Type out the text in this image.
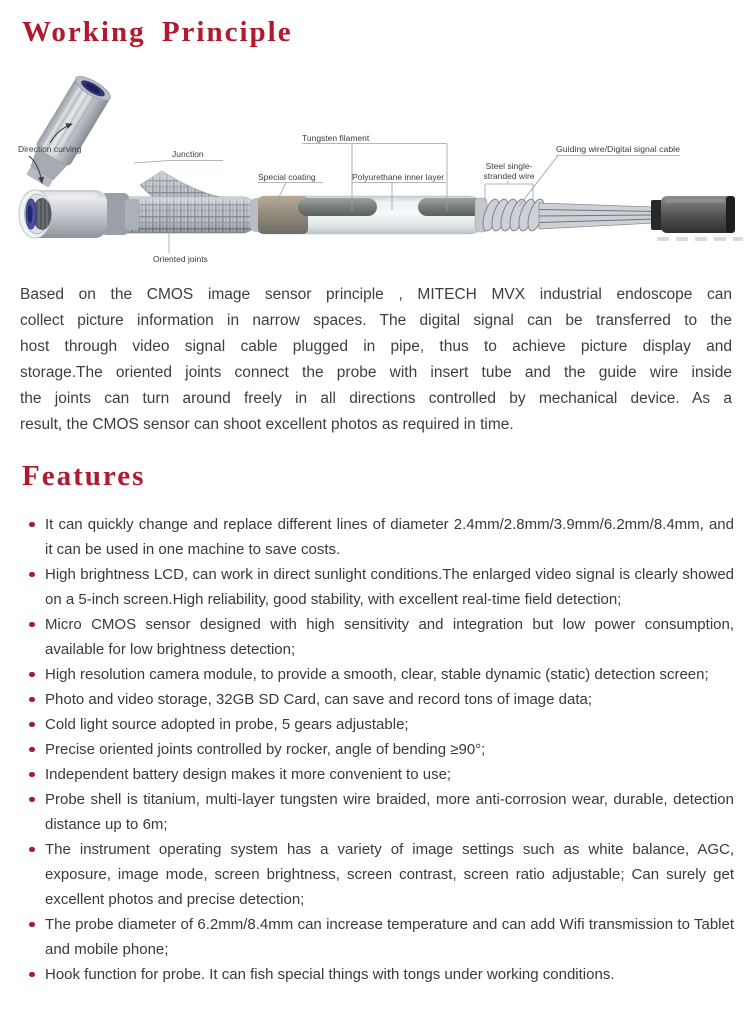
Working Principle
Direction curving	Junction
Oriented joints
Special coating
Tungsten filament
Polyurethane inner layer
Steel single-
stranded wire
Guiding wire/Digital signal cable
Based on the CMOS image sensor principle , MITECH MVX industrial endoscope can
collect picture information in narrow spaces. The digital signal can be transferred to the
host through video signal cable plugged in pipe, thus to achieve picture display and
storage.The oriented joints connect the probe with insert tube and the guide wire inside
the joints can turn around freely in all directions controlled by mechanical device. As a
result, the CMOS sensor can shoot excellent photos as required in time.
Features
It can quickly change and replace different lines of diameter 2.4mm/2.8mm/3.9mm/6.2mm/8.4mm, and it can be used in one machine to save costs.
High brightness LCD, can work in direct sunlight conditions.The enlarged video signal is clearly showed on a 5-inch screen.High reliability, good stability, with excellent real-time field detection;
Micro CMOS sensor designed with high sensitivity and integration but low power consumption, available for low brightness detection;
High resolution camera module, to provide a smooth, clear, stable dynamic (static) detection screen;
Photo and video storage, 32GB SD Card, can save and record tons of image data;
Cold light source adopted in probe, 5 gears adjustable;
Precise oriented joints controlled by rocker, angle of bending ≥90°;
Independent battery design makes it more convenient to use;
Probe shell is titanium, multi-layer tungsten wire braided, more anti-corrosion wear, durable, detection distance up to 6m;
The instrument operating system has a variety of image settings such as white balance, AGC, exposure, image mode, screen brightness, screen contrast, screen ratio adjustable; Can surely get excellent photos and precise detection;
The probe diameter of 6.2mm/8.4mm can increase temperature and can add Wifi transmission to Tablet and mobile phone;
Hook function for probe. It can fish special things with tongs under working conditions.
